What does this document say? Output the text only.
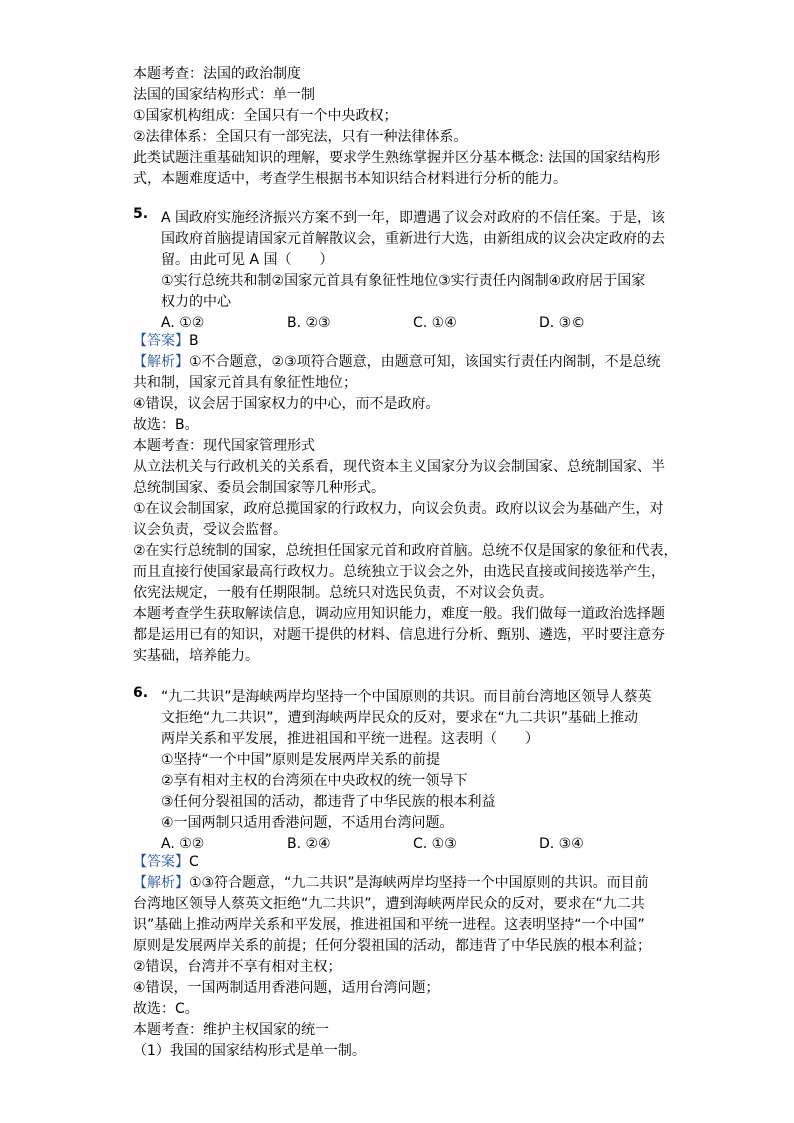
本题考查：法国的政治制度
法国的国家结构形式：单一制
①国家机构组成：全国只有一个中央政权；
②法律体系：全国只有一部宪法，只有一种法律体系。
此类试题注重基础知识的理解，要求学生熟练掌握并区分基本概念: 法国的国家结构形
式，本题难度适中，考查学生根据书本知识结合材料进行分析的能力。
5. A 国政府实施经济振兴方案不到一年，即遭遇了议会对政府的不信任案。于是，该
国政府首脑提请国家元首解散议会，重新进行大选，由新组成的议会决定政府的去
留。由此可见 A 国（　　）
①实行总统共和制②国家元首具有象征性地位③实行责任内阁制④政府居于国家
权力的中心
A. ①②	B. ②③	C. ①④	D. ③©
【答案】B
【解析】①不合题意，②③项符合题意，由题意可知，该国实行责任内阁制，不是总统
共和制，国家元首具有象征性地位；
④错误，议会居于国家权力的中心，而不是政府。
故选：B。
本题考查：现代国家管理形式
从立法机关与行政机关的关系看，现代资本主义国家分为议会制国家、总统制国家、半
总统制国家、委员会制国家等几种形式。
①在议会制国家，政府总揽国家的行政权力，向议会负责。政府以议会为基础产生，对
议会负责，受议会监督。
②在实行总统制的国家，总统担任国家元首和政府首脑。总统不仅是国家的象征和代表，
而且直接行使国家最高行政权力。总统独立于议会之外，由选民直接或间接选举产生，
依宪法规定，一般有任期限制。总统只对选民负责，不对议会负责。
本题考查学生获取解读信息，调动应用知识能力，难度一般。我们做每一道政治选择题
都是运用已有的知识，对题干提供的材料、信息进行分析、甄别、遴选，平时要注意夯
实基础，培养能力。
6. “九二共识”是海峡两岸均坚持一个中国原则的共识。而目前台湾地区领导人蔡英
文拒绝“九二共识”，遭到海峡两岸民众的反对，要求在“九二共识”基础上推动
两岸关系和平发展，推进祖国和平统一进程。这表明（　　）
①坚持“一个中国”原则是发展两岸关系的前提
②享有相对主权的台湾须在中央政权的统一领导下
③任何分裂祖国的活动，都违背了中华民族的根本利益
④一国两制只适用香港问题，不适用台湾问题。
A. ①②	B. ②④	C. ①③	D. ③④
【答案】C
【解析】①③符合题意，“九二共识”是海峡两岸均坚持一个中国原则的共识。而目前
台湾地区领导人蔡英文拒绝“九二共识”，遭到海峡两岸民众的反对，要求在“九二共
识”基础上推动两岸关系和平发展，推进祖国和平统一进程。这表明坚持“一个中国”
原则是发展两岸关系的前提；任何分裂祖国的活动，都违背了中华民族的根本利益；
②错误，台湾并不享有相对主权；
④错误，一国两制适用香港问题，适用台湾问题；
故选：C。
本题考查：维护主权国家的统一
（1）我国的国家结构形式是单一制。
